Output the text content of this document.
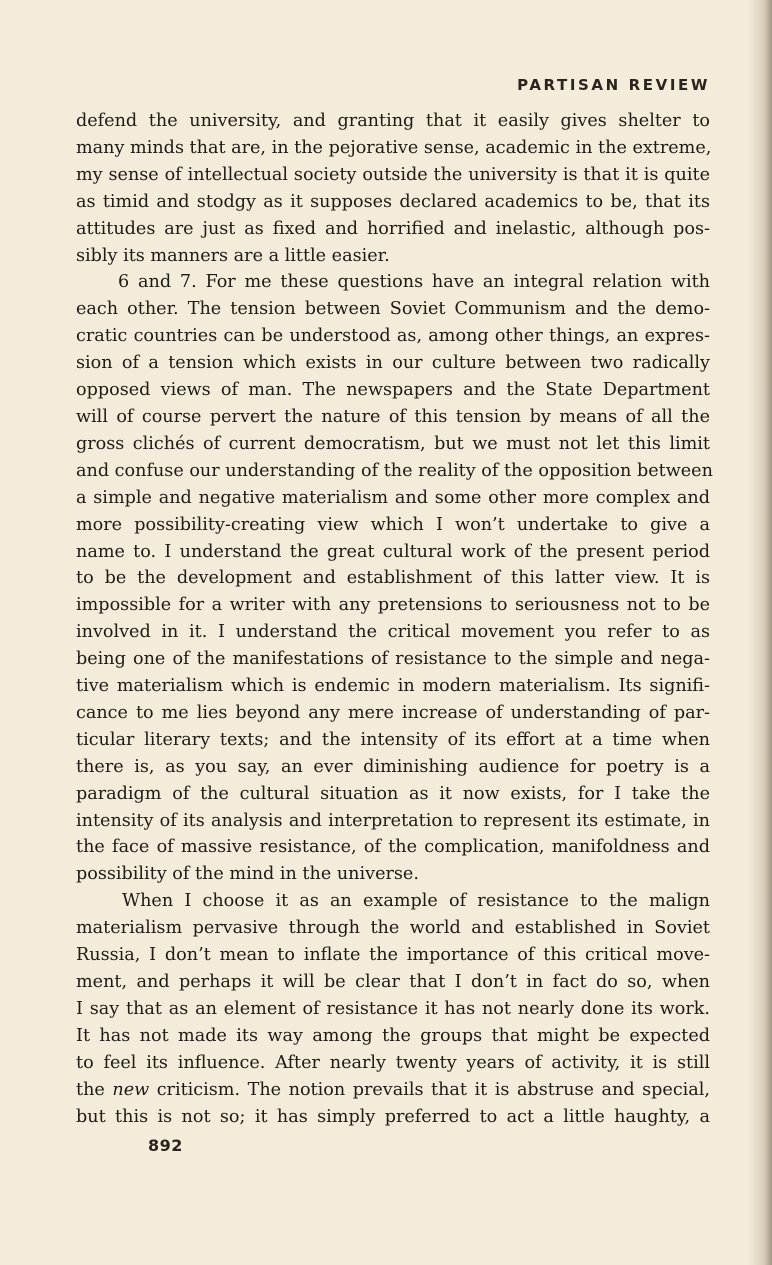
PARTISAN REVIEW

defend the university, and granting that it easily gives shelter to
many minds that are, in the pejorative sense, academic in the extreme,
my sense of intellectual society outside the university is that it is quite
as timid and stodgy as it supposes declared academics to be, that its
attitudes are just as fixed and horrified and inelastic, although pos-
sibly its manners are a little easier.

6 and 7. For me these questions have an integral relation with
each other. The tension between Soviet Communism and the demo-
cratic countries can be understood as, among other things, an expres-
sion of a tension which exists in our culture between two radically
opposed views of man. The newspapers and the State Department
will of course pervert the nature of this tension by means of all the
gross clichés of current democratism, but we must not let this limit
and confuse our understanding of the reality of the opposition between
a simple and negative materialism and some other more complex and
more possibility-creating view which I won’t undertake to give a
name to. I understand the great cultural work of the present period
to be the development and establishment of this latter view. It is
impossible for a writer with any pretensions to seriousness not to be
involved in it. I understand the critical movement you refer to as
being one of the manifestations of resistance to the simple and nega-
tive materialism which is endemic in modern materialism. Its signifi-
cance to me lies beyond any mere increase of understanding of par-
ticular literary texts; and the intensity of its effort at a time when
there is, as you say, an ever diminishing audience for poetry is a
paradigm of the cultural situation as it now exists, for I take the
intensity of its analysis and interpretation to represent its estimate, in
the face of massive resistance, of the complication, manifoldness and
possibility of the mind in the universe.

When I choose it as an example of resistance to the malign
materialism pervasive through the world and established in Soviet
Russia, I don’t mean to inflate the importance of this critical move-
ment, and perhaps it will be clear that I don’t in fact do so, when
I say that as an element of resistance it has not nearly done its work.
It has not made its way among the groups that might be expected
to feel its influence. After nearly twenty years of activity, it is still
the new criticism. The notion prevails that it is abstruse and special,
but this is not so; it has simply preferred to act a little haughty, a

892
